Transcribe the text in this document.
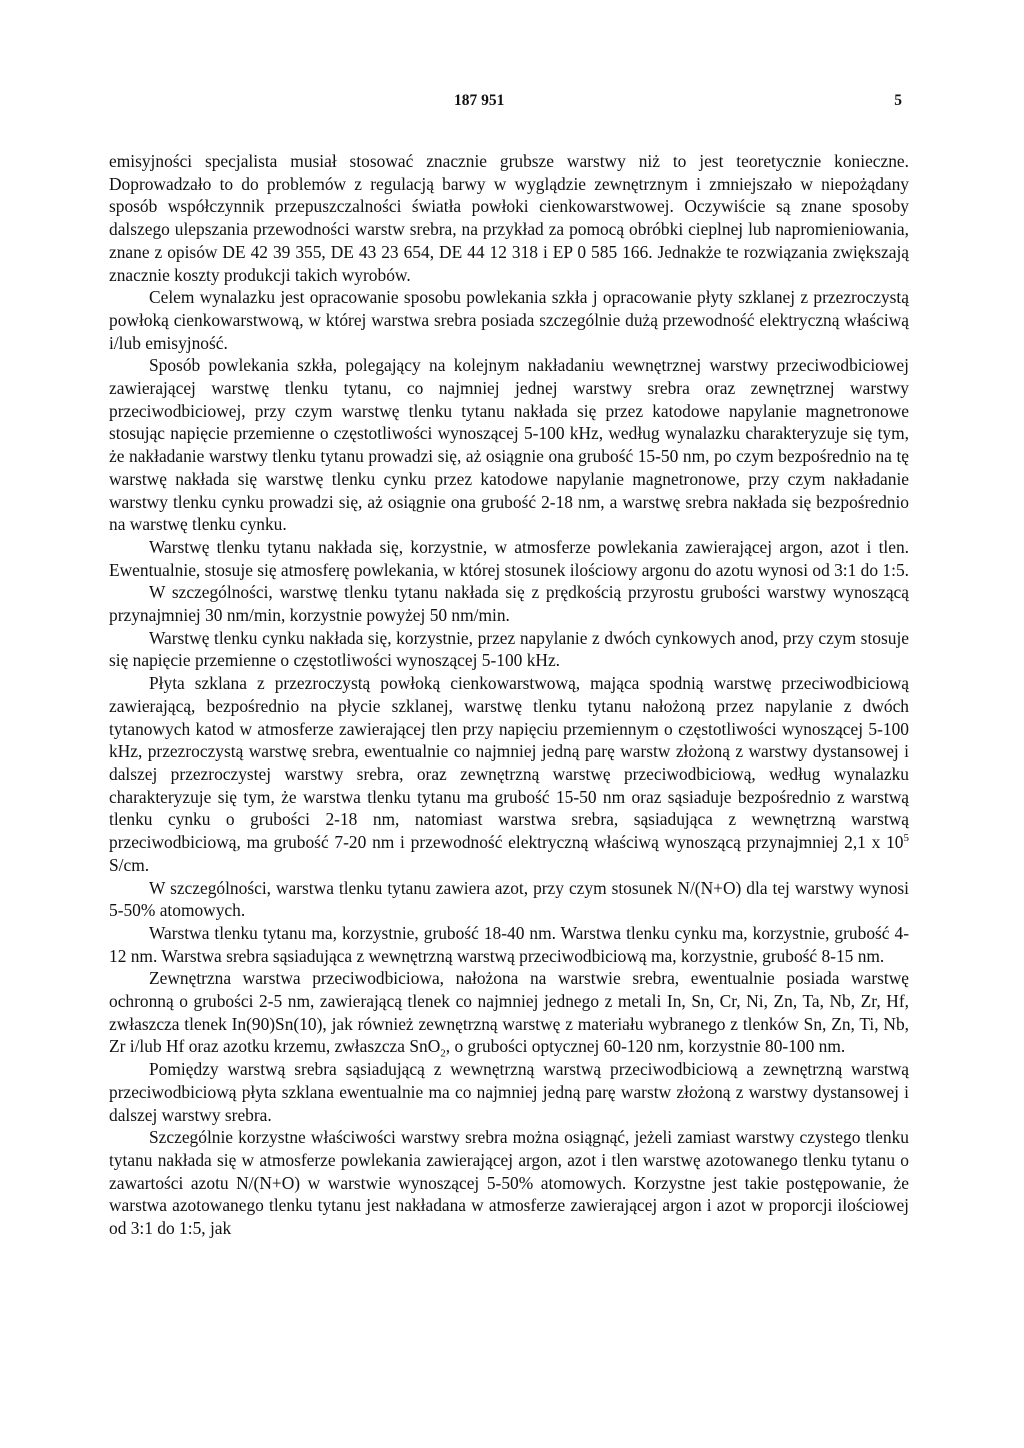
187 951	5

emisyjności specjalista musiał stosować znacznie grubsze warstwy niż to jest teoretycznie konieczne. Doprowadzało to do problemów z regulacją barwy w wyglądzie zewnętrznym i zmniejszało w niepożądany sposób współczynnik przepuszczalności światła powłoki cienkowarstwowej. Oczywiście są znane sposoby dalszego ulepszania przewodności warstw srebra, na przykład za pomocą obróbki cieplnej lub napromieniowania, znane z opisów DE 42 39 355, DE 43 23 654, DE 44 12 318 i EP 0 585 166. Jednakże te rozwiązania zwiększają znacznie koszty produkcji takich wyrobów.

Celem wynalazku jest opracowanie sposobu powlekania szkła j opracowanie płyty szklanej z przezroczystą powłoką cienkowarstwową, w której warstwa srebra posiada szczególnie dużą przewodność elektryczną właściwą i/lub emisyjność.

Sposób powlekania szkła, polegający na kolejnym nakładaniu wewnętrznej warstwy przeciwodbiciowej zawierającej warstwę tlenku tytanu, co najmniej jednej warstwy srebra oraz zewnętrznej warstwy przeciwodbiciowej, przy czym warstwę tlenku tytanu nakłada się przez katodowe napylanie magnetronowe stosując napięcie przemienne o częstotliwości wynoszącej 5-100 kHz, według wynalazku charakteryzuje się tym, że nakładanie warstwy tlenku tytanu prowadzi się, aż osiągnie ona grubość 15-50 nm, po czym bezpośrednio na tę warstwę nakłada się warstwę tlenku cynku przez katodowe napylanie magnetronowe, przy czym nakładanie warstwy tlenku cynku prowadzi się, aż osiągnie ona grubość 2-18 nm, a warstwę srebra nakłada się bezpośrednio na warstwę tlenku cynku.

Warstwę tlenku tytanu nakłada się, korzystnie, w atmosferze powlekania zawierającej argon, azot i tlen. Ewentualnie, stosuje się atmosferę powlekania, w której stosunek ilościowy argonu do azotu wynosi od 3:1 do 1:5.

W szczególności, warstwę tlenku tytanu nakłada się z prędkością przyrostu grubości warstwy wynoszącą przynajmniej 30 nm/min, korzystnie powyżej 50 nm/min.

Warstwę tlenku cynku nakłada się, korzystnie, przez napylanie z dwóch cynkowych anod, przy czym stosuje się napięcie przemienne o częstotliwości wynoszącej 5-100 kHz.

Płyta szklana z przezroczystą powłoką cienkowarstwową, mająca spodnią warstwę przeciwodbiciową zawierającą, bezpośrednio na płycie szklanej, warstwę tlenku tytanu nałożoną przez napylanie z dwóch tytanowych katod w atmosferze zawierającej tlen przy napięciu przemiennym o częstotliwości wynoszącej 5-100 kHz, przezroczystą warstwę srebra, ewentualnie co najmniej jedną parę warstw złożoną z warstwy dystansowej i dalszej przezroczystej warstwy srebra, oraz zewnętrzną warstwę przeciwodbiciową, według wynalazku charakteryzuje się tym, że warstwa tlenku tytanu ma grubość 15-50 nm oraz sąsiaduje bezpośrednio z warstwą tlenku cynku o grubości 2-18 nm, natomiast warstwa srebra, sąsiadująca z wewnętrzną warstwą przeciwodbiciową, ma grubość 7-20 nm i przewodność elektryczną właściwą wynoszącą przynajmniej 2,1 x $10^5$ S/cm.

W szczególności, warstwa tlenku tytanu zawiera azot, przy czym stosunek N/(N+O) dla tej warstwy wynosi 5-50% atomowych.

Warstwa tlenku tytanu ma, korzystnie, grubość 18-40 nm. Warstwa tlenku cynku ma, korzystnie, grubość 4-12 nm. Warstwa srebra sąsiadująca z wewnętrzną warstwą przeciwodbiciową ma, korzystnie, grubość 8-15 nm.

Zewnętrzna warstwa przeciwodbiciowa, nałożona na warstwie srebra, ewentualnie posiada warstwę ochronną o grubości 2-5 nm, zawierającą tlenek co najmniej jednego z metali In, Sn, Cr, Ni, Zn, Ta, Nb, Zr, Hf, zwłaszcza tlenek In(90)Sn(10), jak również zewnętrzną warstwę z materiału wybranego z tlenków Sn, Zn, Ti, Nb, Zr i/lub Hf oraz azotku krzemu, zwłaszcza SnO$_2$, o grubości optycznej 60-120 nm, korzystnie 80-100 nm.

Pomiędzy warstwą srebra sąsiadującą z wewnętrzną warstwą przeciwodbiciową a zewnętrzną warstwą przeciwodbiciową płyta szklana ewentualnie ma co najmniej jedną parę warstw złożoną z warstwy dystansowej i dalszej warstwy srebra.

Szczególnie korzystne właściwości warstwy srebra można osiągnąć, jeżeli zamiast warstwy czystego tlenku tytanu nakłada się w atmosferze powlekania zawierającej argon, azot i tlen warstwę azotowanego tlenku tytanu o zawartości azotu N/(N+O) w warstwie wynoszącej 5-50% atomowych. Korzystne jest takie postępowanie, że warstwa azotowanego tlenku tytanu jest nakładana w atmosferze zawierającej argon i azot w proporcji ilościowej od 3:1 do 1:5, jak
